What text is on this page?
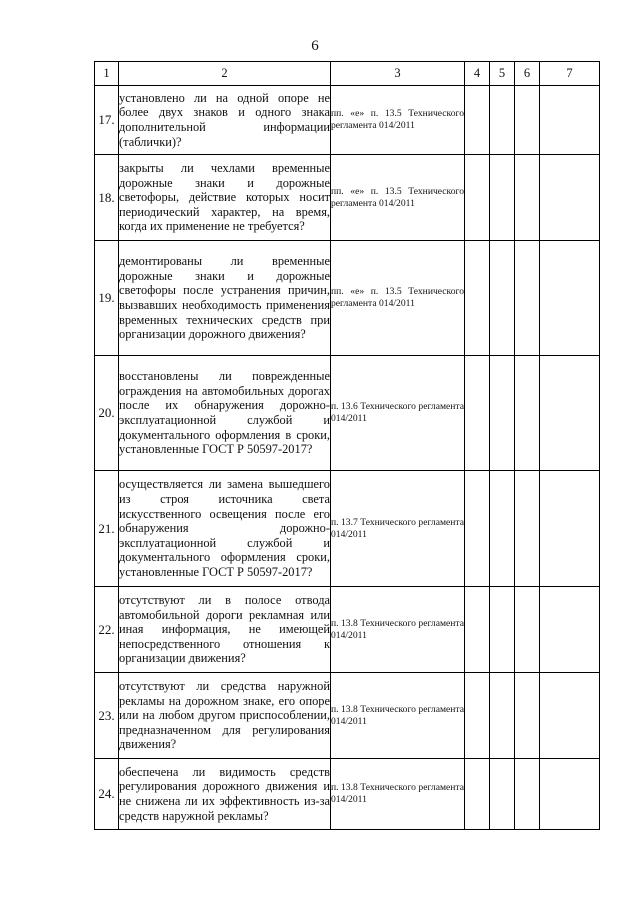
6
1	2	3	4	5	6	7
17.	установлено ли на одной опоре не более двух знаков и одного знака дополнительной информации (таблички)?	пп. «е» п. 13.5 Технического регламента 014/2011				
18.	закрыты ли чехлами временные дорожные знаки и дорожные светофоры, действие которых носит периодический характер, на время, когда их применение не требуется?	пп. «е» п. 13.5 Технического регламента 014/2011				
19.	демонтированы ли временные дорожные знаки и дорожные светофоры после устранения причин, вызвавших необходимость применения временных технических средств при организации дорожного движения?	пп. «е» п. 13.5 Технического регламента 014/2011				
20.	восстановлены ли поврежденные ограждения на автомобильных дорогах после их обнаружения дорожно-эксплуатационной службой и документального оформления в сроки, установленные ГОСТ Р 50597-2017?	п. 13.6 Технического регламента 014/2011				
21.	осуществляется ли замена вышедшего из строя источника света искусственного освещения после его обнаружения дорожно-эксплуатационной службой и документального оформления сроки, установленные ГОСТ Р 50597-2017?	п. 13.7 Технического регламента 014/2011				
22.	отсутствуют ли в полосе отвода автомобильной дороги рекламная или иная информация, не имеющей непосредственного отношения к организации движения?	п. 13.8 Технического регламента 014/2011				
23.	отсутствуют ли средства наружной рекламы на дорожном знаке, его опоре или на любом другом приспособлении, предназначенном для регулирования движения?	п. 13.8 Технического регламента 014/2011				
24.	обеспечена ли видимость средств регулирования дорожного движения и не снижена ли их эффективность из-за средств наружной рекламы?	п. 13.8 Технического регламента 014/2011				
